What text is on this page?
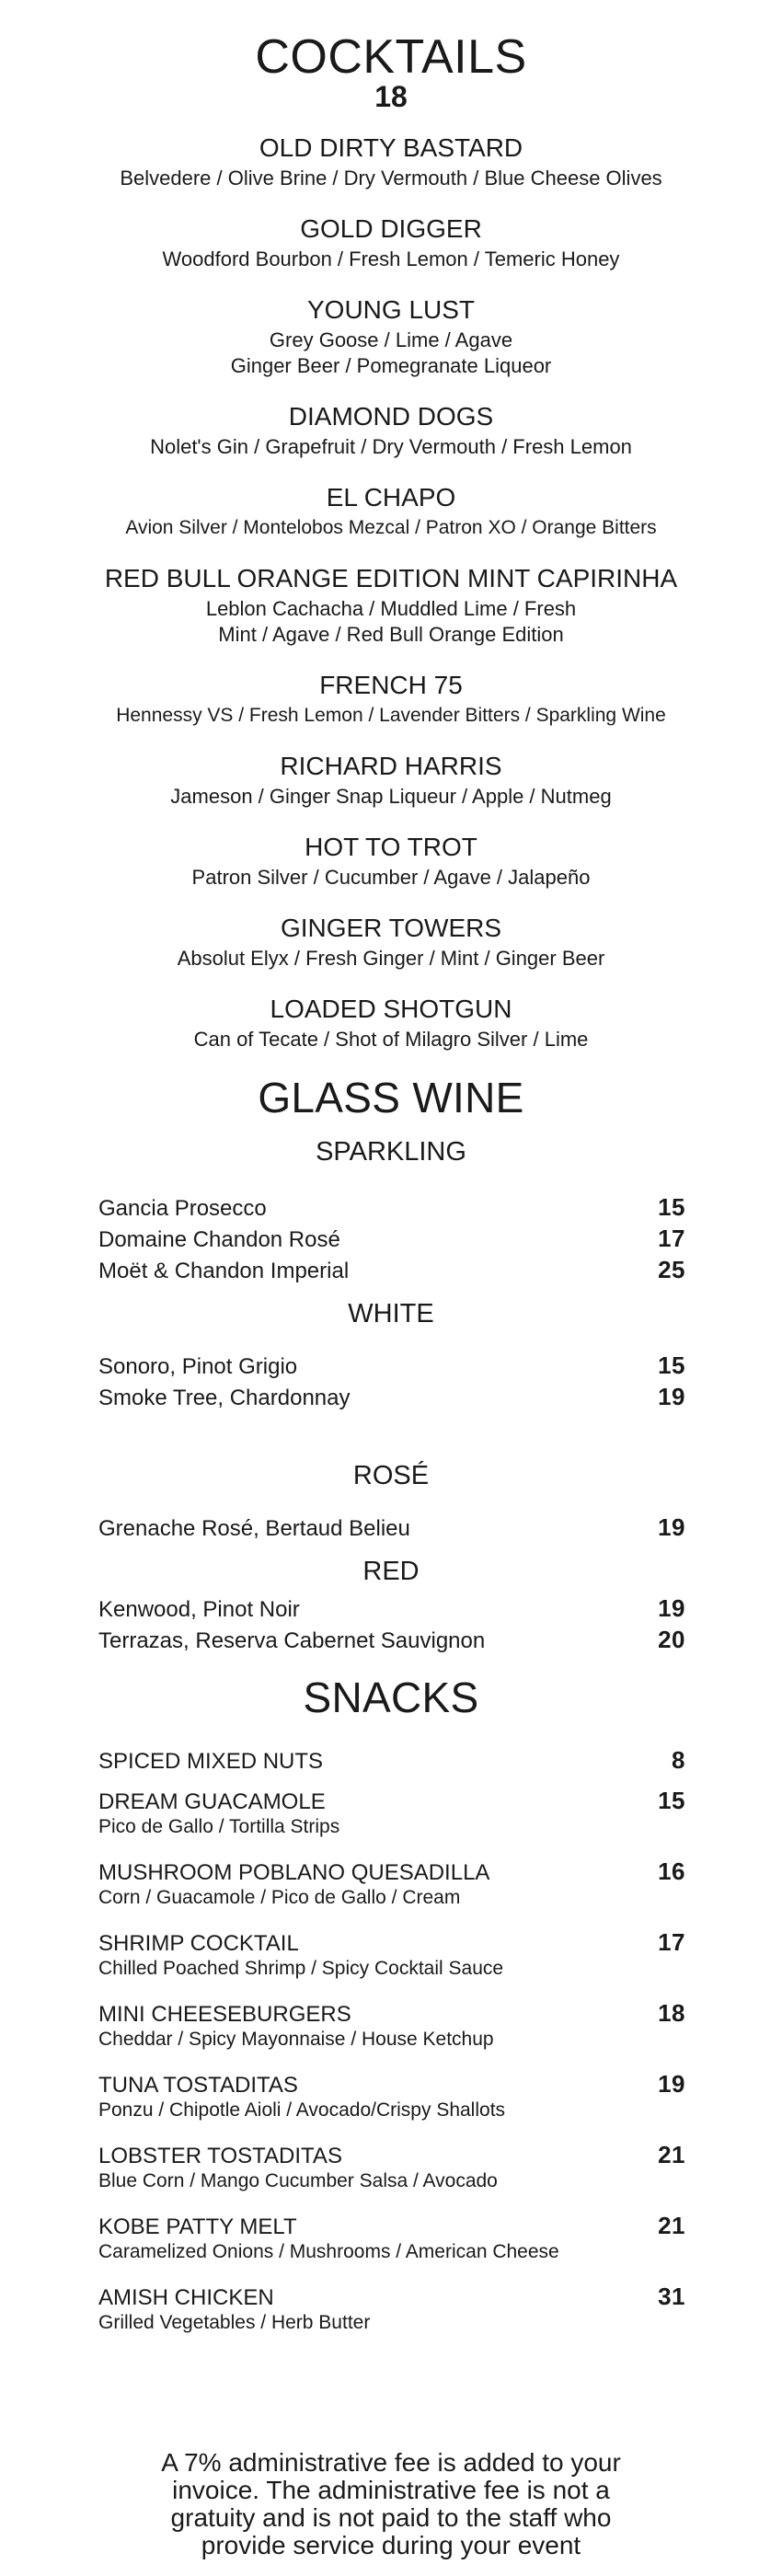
COCKTAILS
18
OLD DIRTY BASTARD
Belvedere / Olive Brine / Dry Vermouth / Blue Cheese Olives
GOLD DIGGER
Woodford Bourbon / Fresh Lemon / Temeric Honey
YOUNG LUST
Grey Goose / Lime / Agave
Ginger Beer / Pomegranate Liqueor
DIAMOND DOGS
Nolet's Gin / Grapefruit / Dry Vermouth / Fresh Lemon
EL CHAPO
Avion Silver / Montelobos Mezcal / Patron XO / Orange Bitters
RED BULL ORANGE EDITION MINT CAPIRINHA
Leblon Cachacha / Muddled Lime / Fresh
Mint / Agave / Red Bull Orange Edition
FRENCH 75
Hennessy VS / Fresh Lemon / Lavender Bitters / Sparkling Wine
RICHARD HARRIS
Jameson / Ginger Snap Liqueur / Apple / Nutmeg
HOT TO TROT
Patron Silver / Cucumber / Agave / Jalapeño
GINGER TOWERS
Absolut Elyx / Fresh Ginger / Mint / Ginger Beer
LOADED SHOTGUN
Can of Tecate / Shot of Milagro Silver / Lime
GLASS WINE
SPARKLING
Gancia Prosecco	15
Domaine Chandon Rosé	17
Moët & Chandon Imperial	25
WHITE
Sonoro, Pinot Grigio	15
Smoke Tree, Chardonnay	19
ROSÉ
Grenache Rosé, Bertaud Belieu	19
RED
Kenwood, Pinot Noir	19
Terrazas, Reserva Cabernet Sauvignon	20
SNACKS
SPICED MIXED NUTS	8
DREAM GUACAMOLE	15
Pico de Gallo / Tortilla Strips
MUSHROOM POBLANO QUESADILLA	16
Corn / Guacamole / Pico de Gallo / Cream
SHRIMP COCKTAIL	17
Chilled Poached Shrimp / Spicy Cocktail Sauce
MINI CHEESEBURGERS	18
Cheddar / Spicy Mayonnaise / House Ketchup
TUNA TOSTADITAS	19
Ponzu / Chipotle Aioli / Avocado/Crispy Shallots
LOBSTER TOSTADITAS	21
Blue Corn / Mango Cucumber Salsa / Avocado
KOBE PATTY MELT	21
Caramelized Onions / Mushrooms / American Cheese
AMISH CHICKEN	31
Grilled Vegetables / Herb Butter
A 7% administrative fee is added to your
invoice. The administrative fee is not a
gratuity and is not paid to the staff who
provide service during your event
